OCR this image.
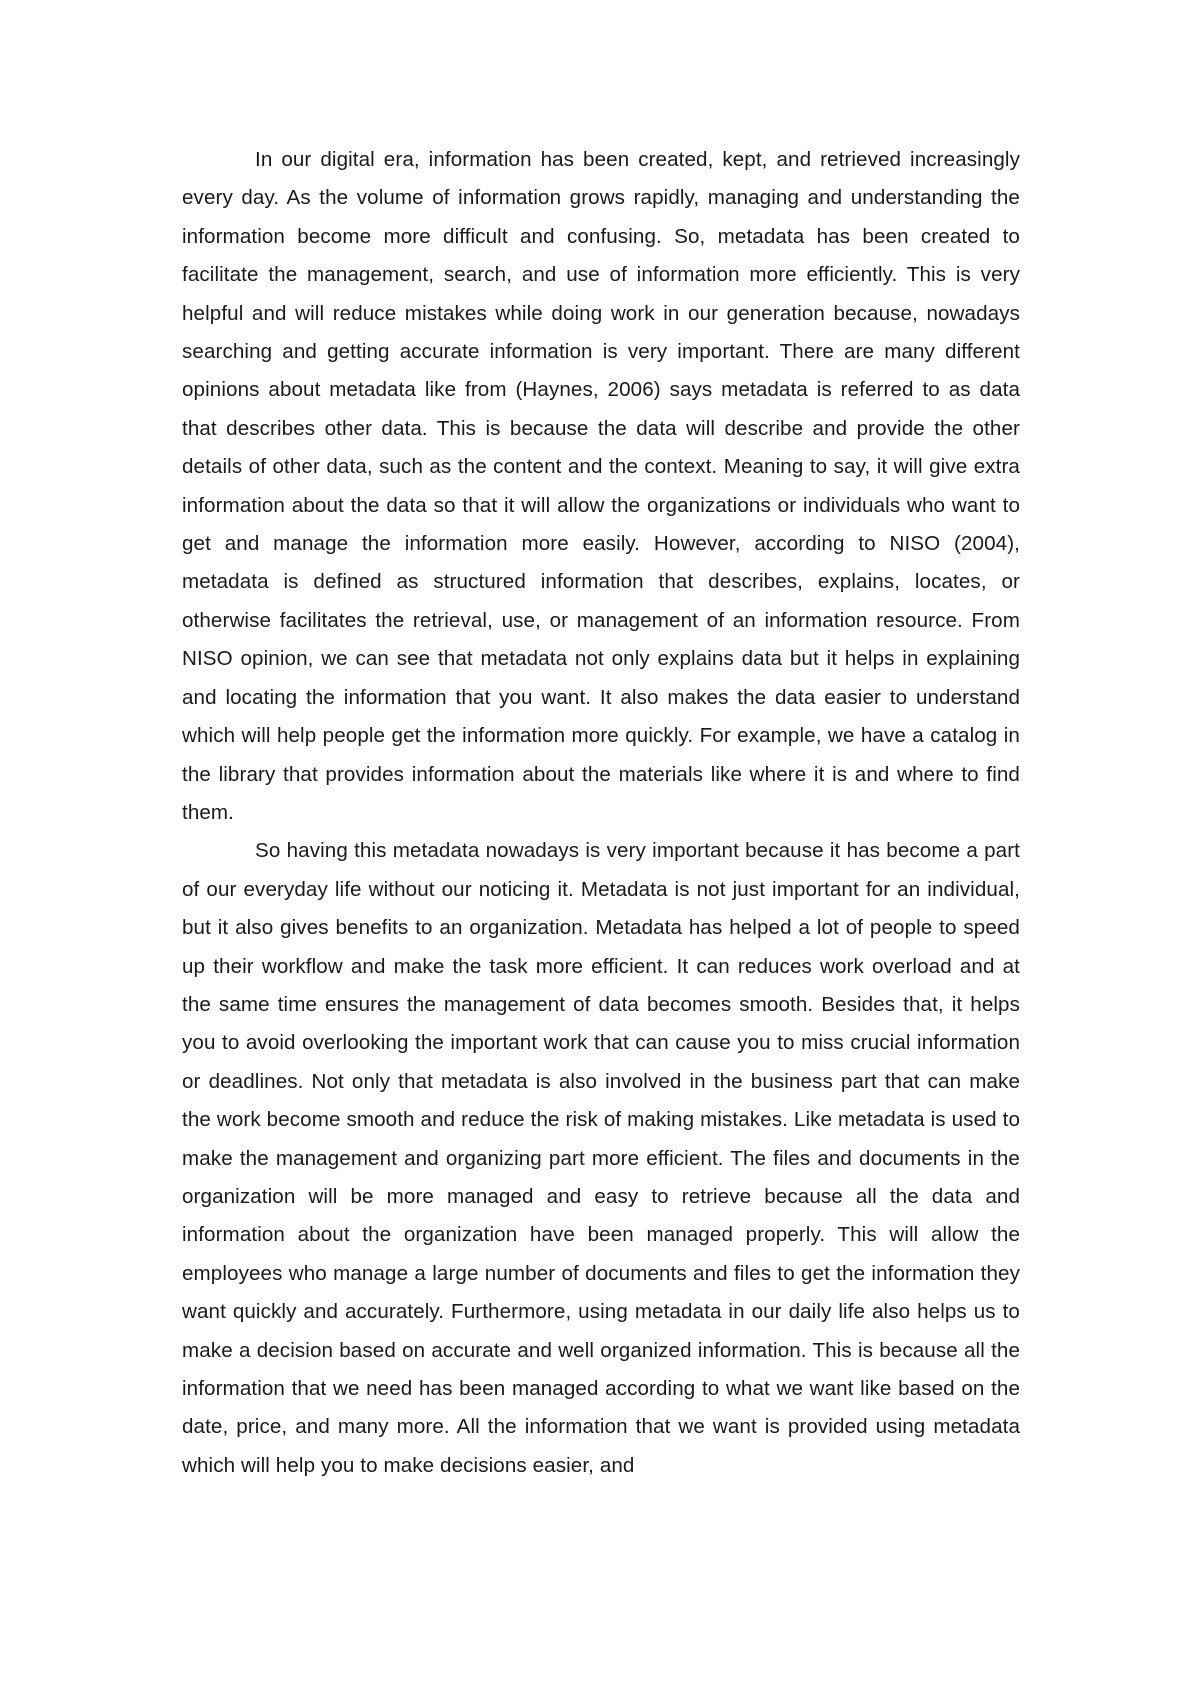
In our digital era, information has been created, kept, and retrieved increasingly every day. As the volume of information grows rapidly, managing and understanding the information become more difficult and confusing. So, metadata has been created to facilitate the management, search, and use of information more efficiently. This is very helpful and will reduce mistakes while doing work in our generation because, nowadays searching and getting accurate information is very important. There are many different opinions about metadata like from (Haynes, 2006) says metadata is referred to as data that describes other data. This is because the data will describe and provide the other details of other data, such as the content and the context. Meaning to say, it will give extra information about the data so that it will allow the organizations or individuals who want to get and manage the information more easily. However, according to NISO (2004), metadata is defined as structured information that describes, explains, locates, or otherwise facilitates the retrieval, use, or management of an information resource. From NISO opinion, we can see that metadata not only explains data but it helps in explaining and locating the information that you want. It also makes the data easier to understand which will help people get the information more quickly. For example, we have a catalog in the library that provides information about the materials like where it is and where to find them.

So having this metadata nowadays is very important because it has become a part of our everyday life without our noticing it. Metadata is not just important for an individual, but it also gives benefits to an organization. Metadata has helped a lot of people to speed up their workflow and make the task more efficient. It can reduces work overload and at the same time ensures the management of data becomes smooth. Besides that, it helps you to avoid overlooking the important work that can cause you to miss crucial information or deadlines. Not only that metadata is also involved in the business part that can make the work become smooth and reduce the risk of making mistakes. Like metadata is used to make the management and organizing part more efficient. The files and documents in the organization will be more managed and easy to retrieve because all the data and information about the organization have been managed properly. This will allow the employees who manage a large number of documents and files to get the information they want quickly and accurately. Furthermore, using metadata in our daily life also helps us to make a decision based on accurate and well organized information. This is because all the information that we need has been managed according to what we want like based on the date, price, and many more. All the information that we want is provided using metadata which will help you to make decisions easier, and
